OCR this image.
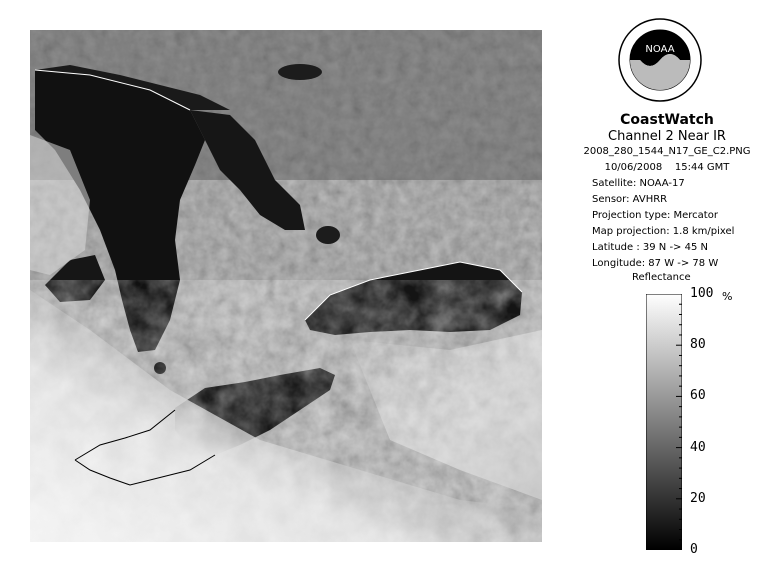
NOAA
CoastWatch
Channel 2 Near IR
2008_280_1544_N17_GE_C2.PNG
10/06/2008    15:44 GMT
Satellite: NOAA-17
Sensor: AVHRR
Projection type: Mercator
Map projection: 1.8 km/pixel
Latitude : 39 N -> 45 N
Longitude: 87 W -> 78 W
Reflectance
%
100
80
60
40
20
0
